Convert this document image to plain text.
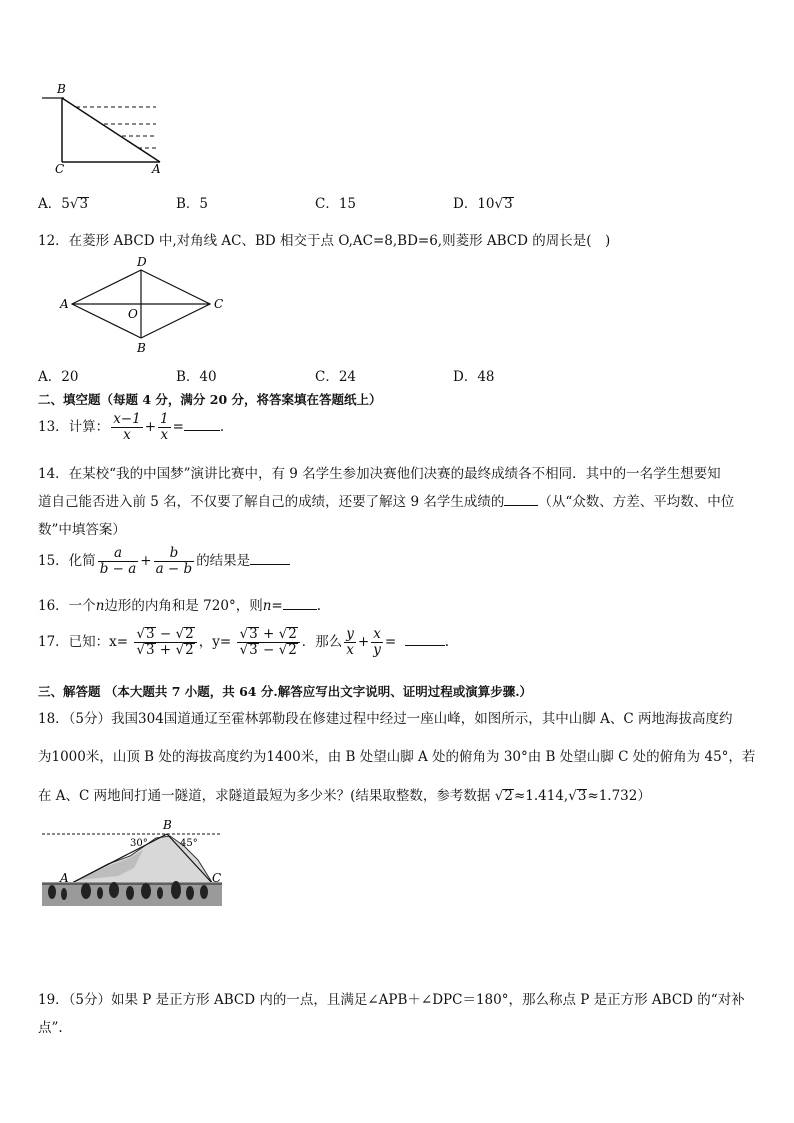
B
C	A
A．5√3	B．5	C．15	D．10√3
12．在菱形 ABCD 中,对角线 AC、BD 相交于点 O,AC=8,BD=6,则菱形 ABCD 的周长是(　)
D
A
O
C
B
A．20	B．40	C．24	D．48
二、填空题（每题 4 分，满分 20 分，将答案填在答题纸上）
13．计算： $\frac{x-1}{x} + \frac{1}{x}$ =	.
14．在某校“我的中国梦”演讲比赛中，有 9 名学生参加决赛他们决赛的最终成绩各不相同．其中的一名学生想要知
道自己能否进入前 5 名，不仅要了解自己的成绩，还要了解这 9 名学生成绩的	（从“众数、方差、平均数、中位
数”中填答案）
15．化简 $\frac{a}{b - a} + \frac{b}{a - b}$ 的结果是
16．一个n边形的内角和是 720°，则n=	.
17．已知：$x= \frac{√3 - √2}{√3 + √2}$ ，$y= \frac{√3 + √2}{√3 - √2}$ ．那么 $\frac{y}{x} + \frac{x}{y}$ =	.
三、解答题 （本大题共 7 小题，共 64 分.解答应写出文字说明、证明过程或演算步骤.）
18．（5分）我国304国道通辽至霍林郭勒段在修建过程中经过一座山峰，如图所示，其中山脚 A、C 两地海拔高度约
为1000米，山顶 B 处的海拔高度约为1400米，由 B 处望山脚 A 处的俯角为 30°由 B 处望山脚 C 处的俯角为 45°，若
在 A、C 两地间打通一隧道，求隧道最短为多少米？(结果取整数，参考数据 √2≈1.414,√3≈1.732）
B
30°	45°
A	C
19．（5分）如果 P 是正方形 ABCD 内的一点，且满足∠APB＋∠DPC＝180°，那么称点 P 是正方形 ABCD 的“对补
点”.
